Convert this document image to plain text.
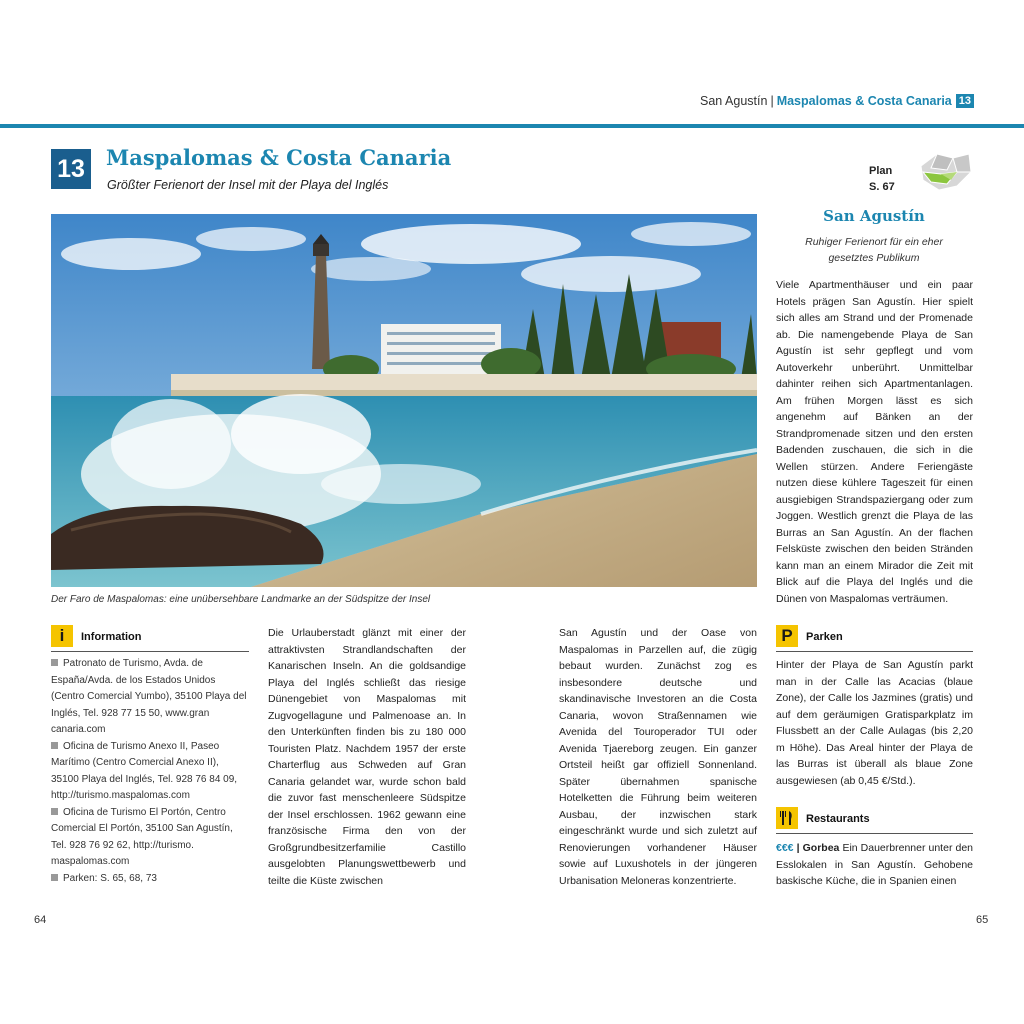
San Agustín | Maspalomas & Costa Canaria 13
13 Maspalomas & Costa Canaria
Größter Ferienort der Insel mit der Playa del Inglés
Plan
S. 67
Der Faro de Maspalomas: eine unübersehbare Landmarke an der Südspitze der Insel
San Agustín
Ruhiger Ferienort für ein eher
gesetztes Publikum

Viele Apartmenthäuser und ein paar Hotels prägen San Agustín. Hier spielt sich alles am Strand und der Promenade ab. Die namengebende Playa de San Agustín ist sehr gepflegt und vom Autoverkehr unberührt. Unmittelbar dahinter reihen sich Apartmentanlagen. Am frühen Morgen lässt es sich angenehm auf Bänken an der Strandpromenade sitzen und den ersten Badenden zuschauen, die sich in die Wellen stürzen. Andere Feriengäste nutzen diese kühlere Tageszeit für einen ausgiebigen Strandspaziergang oder zum Joggen. Westlich grenzt die Playa de las Burras an San Agustín. An der flachen Felsküste zwischen den beiden Stränden kann man an einem Mirador die Zeit mit Blick auf die Playa del Inglés und die Dünen von Maspalomas verträumen.

i	Information

Patronato de Turismo, Avda. de España/Avda. de los Estados Unidos (Centro Comercial Yumbo), 35100 Playa del Inglés, Tel. 928 77 15 50, www.gran canaria.com

Oficina de Turismo Anexo II, Paseo Marítimo (Centro Comercial Anexo II), 35100 Playa del Inglés, Tel. 928 76 84 09, http://turismo.maspalomas.com

Oficina de Turismo El Portón, Centro Comercial El Portón, 35100 San Agustín, Tel. 928 76 92 62, http://turismo. maspalomas.com

Parken: S. 65, 68, 73

Die Urlauberstadt glänzt mit einer der attraktivsten Strandlandschaften der Kanarischen Inseln. An die goldsandige Playa del Inglés schließt das riesige Dünengebiet von Maspalomas mit Zugvogellagune und Palmenoase an. In den Unterkünften finden bis zu 180 000 Touristen Platz. Nachdem 1957 der erste Charterflug aus Schweden auf Gran Canaria gelandet war, wurde schon bald die zuvor fast menschenleere Südspitze der Insel erschlossen. 1962 gewann eine französische Firma den von der Großgrundbesitzerfamilie Castillo ausgelobten Planungswettbewerb und teilte die Küste zwischen

San Agustín und der Oase von Maspalomas in Parzellen auf, die zügig bebaut wurden. Zunächst zog es insbesondere deutsche und skandinavische Investoren an die Costa Canaria, wovon Straßennamen wie Avenida del Touroperador TUI oder Avenida Tjaereborg zeugen. Ein ganzer Ortsteil heißt gar offiziell Sonnenland. Später übernahmen spanische Hotelketten die Führung beim weiteren Ausbau, der inzwischen stark eingeschränkt wurde und sich zuletzt auf Renovierungen vorhandener Häuser sowie auf Luxushotels in der jüngeren Urbanisation Meloneras konzentrierte.

P	Parken

Hinter der Playa de San Agustín parkt man in der Calle las Acacias (blaue Zone), der Calle los Jazmines (gratis) und auf dem geräumigen Gratisparkplatz im Flussbett an der Calle Aulagas (bis 2,20 m Höhe). Das Areal hinter der Playa de las Burras ist überall als blaue Zone ausgewiesen (ab 0,45 €/Std.).

Restaurants

€€€ | Gorbea Ein Dauerbrenner unter den Esslokalen in San Agustín. Gehobene baskische Küche, die in Spanien einen

64	65
